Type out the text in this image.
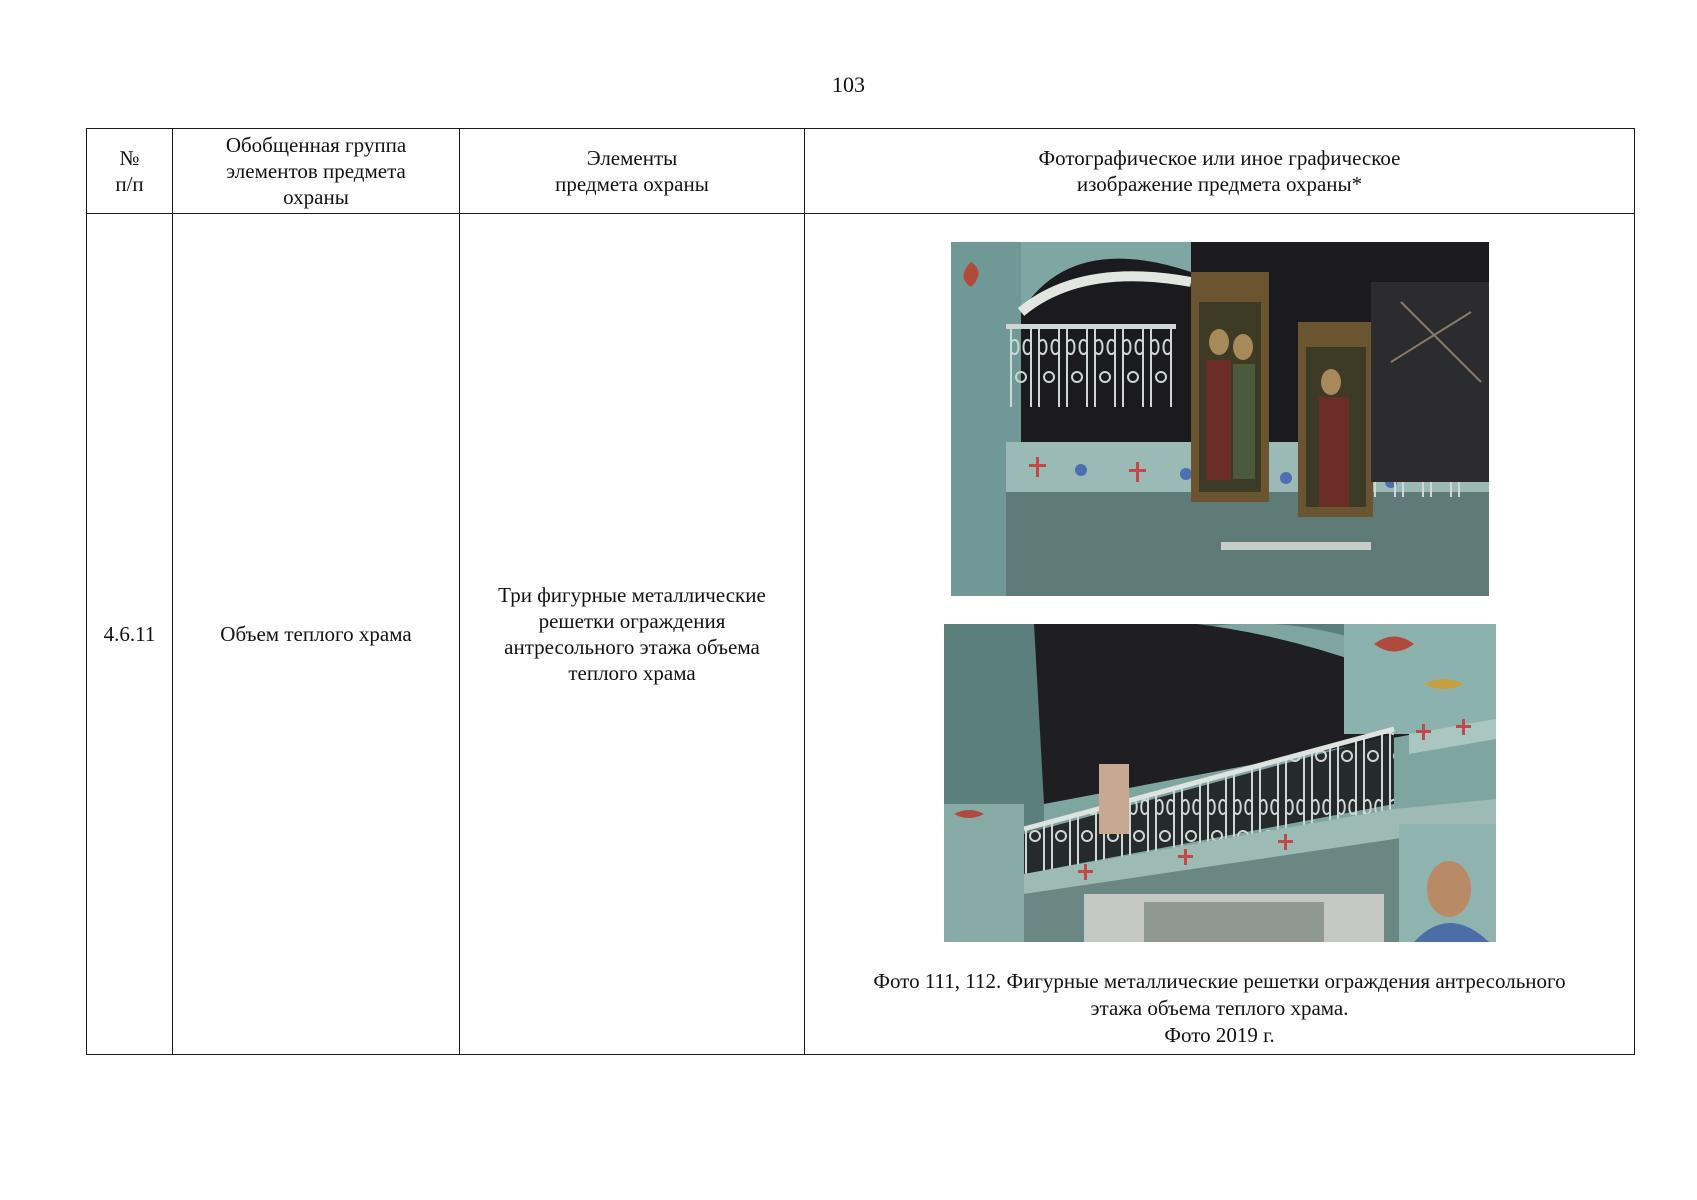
103
№
п/п	Обобщенная группа
элементов предмета
охраны	Элементы
предмета охраны	Фотографическое или иное графическое
изображение предмета охраны*

4.6.11	Объем теплого храма	Три фигурные металлические
решетки ограждения
антресольного этажа объема
теплого храма	Фото 111, 112. Фигурные металлические решетки ограждения антресольного
этажа объема теплого храма.
Фото 2019 г.
